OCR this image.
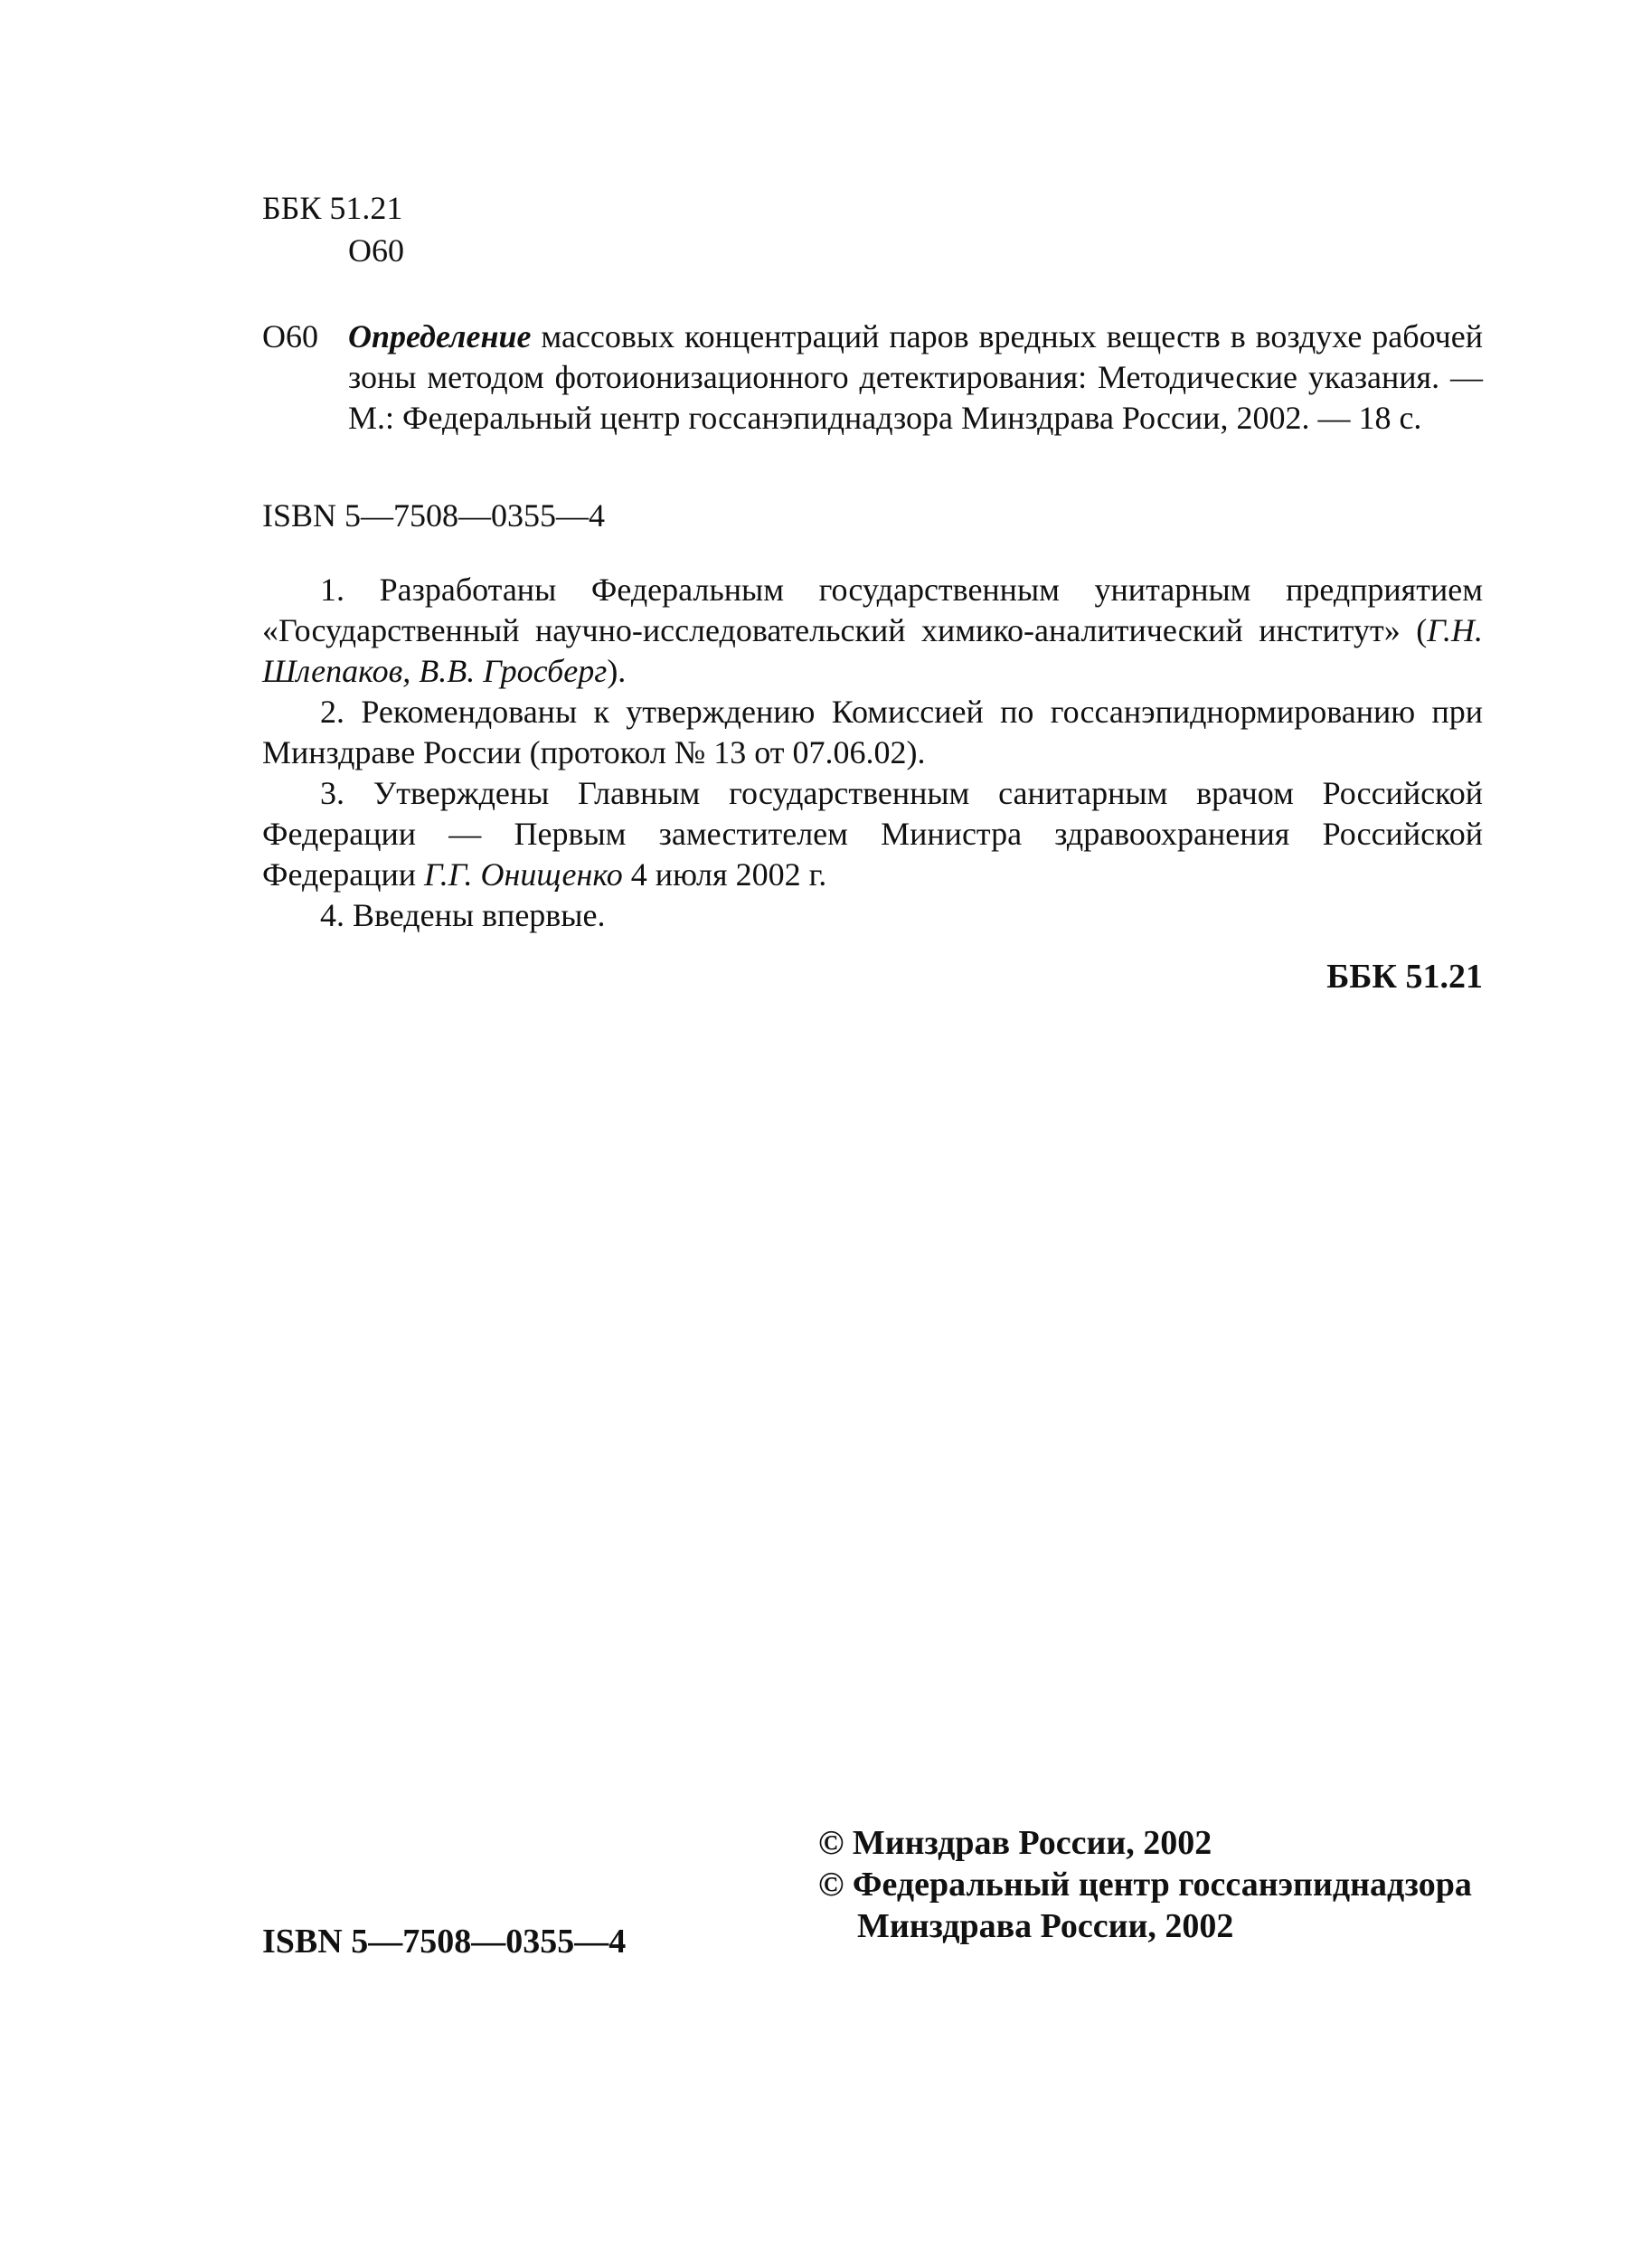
ББК 51.21
О60
О60 Определение массовых концентраций паров вредных веществ в воздухе рабочей зоны методом фотоионизационного детектирования: Методические указания. — М.: Федеральный центр госсанэпиднадзора Минздрава России, 2002. — 18 с.
ISBN 5—7508—0355—4
1. Разработаны Федеральным государственным унитарным предприятием «Государственный научно-исследовательский химико-аналитический институт» (Г.Н. Шлепаков, В.В. Гросберг).
2. Рекомендованы к утверждению Комиссией по госсанэпиднормированию при Минздраве России (протокол № 13 от 07.06.02).
3. Утверждены Главным государственным санитарным врачом Российской Федерации — Первым заместителем Министра здравоохранения Российской Федерации Г.Г. Онищенко 4 июля 2002 г.
4. Введены впервые.
ББК 51.21
ISBN 5—7508—0355—4
© Минздрав России, 2002
© Федеральный центр госсанэпиднадзора
Минздрава России, 2002
